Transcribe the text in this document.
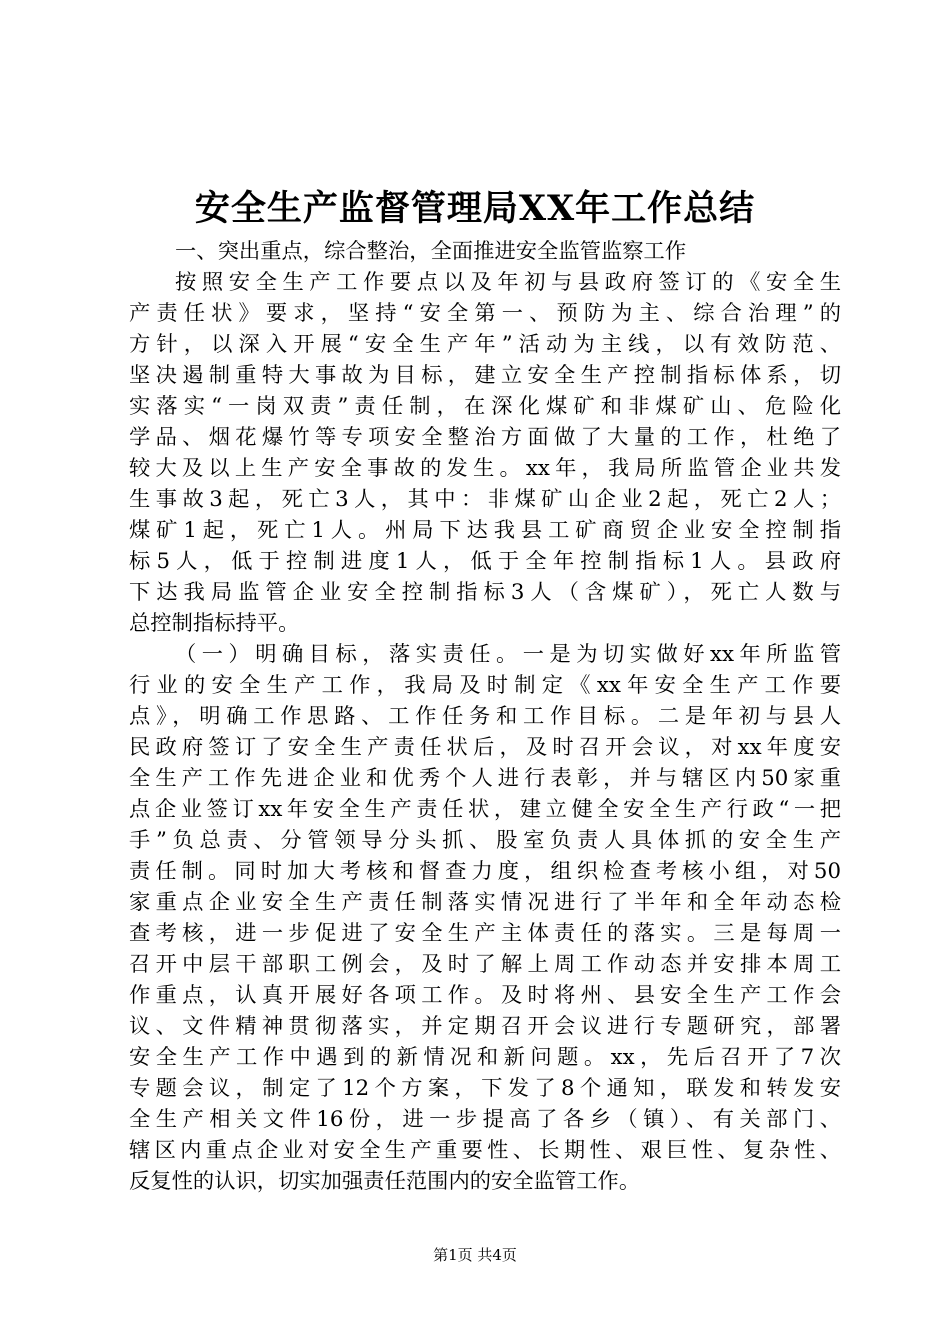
安全生产监督管理局XX年工作总结
一、突出重点，综合整治，全面推进安全监管监察工作
按照安全生产工作要点以及年初与县政府签订的《安全生
产责任状》要求，坚持“安全第一、预防为主、综合治理”的
方针，以深入开展“安全生产年”活动为主线，以有效防范、
坚决遏制重特大事故为目标，建立安全生产控制指标体系，切
实落实“一岗双责”责任制，在深化煤矿和非煤矿山、危险化
学品、烟花爆竹等专项安全整治方面做了大量的工作，杜绝了
较大及以上生产安全事故的发生。xx年，我局所监管企业共发
生事故3起，死亡3人，其中：非煤矿山企业2起，死亡2人；
煤矿1起，死亡1人。州局下达我县工矿商贸企业安全控制指
标5人，低于控制进度1人，低于全年控制指标1人。县政府
下达我局监管企业安全控制指标3人（含煤矿），死亡人数与
总控制指标持平。
（一）明确目标，落实责任。一是为切实做好xx年所监管
行业的安全生产工作，我局及时制定《xx年安全生产工作要
点》，明确工作思路、工作任务和工作目标。二是年初与县人
民政府签订了安全生产责任状后，及时召开会议，对xx年度安
全生产工作先进企业和优秀个人进行表彰，并与辖区内50家重
点企业签订xx年安全生产责任状，建立健全安全生产行政“一把
手”负总责、分管领导分头抓、股室负责人具体抓的安全生产
责任制。同时加大考核和督查力度，组织检查考核小组，对50
家重点企业安全生产责任制落实情况进行了半年和全年动态检
查考核，进一步促进了安全生产主体责任的落实。三是每周一
召开中层干部职工例会，及时了解上周工作动态并安排本周工
作重点，认真开展好各项工作。及时将州、县安全生产工作会
议、文件精神贯彻落实，并定期召开会议进行专题研究，部署
安全生产工作中遇到的新情况和新问题。xx，先后召开了7次
专题会议，制定了12个方案，下发了8个通知，联发和转发安
全生产相关文件16份，进一步提高了各乡（镇）、有关部门、
辖区内重点企业对安全生产重要性、长期性、艰巨性、复杂性、
反复性的认识，切实加强责任范围内的安全监管工作。
第1页 共4页
